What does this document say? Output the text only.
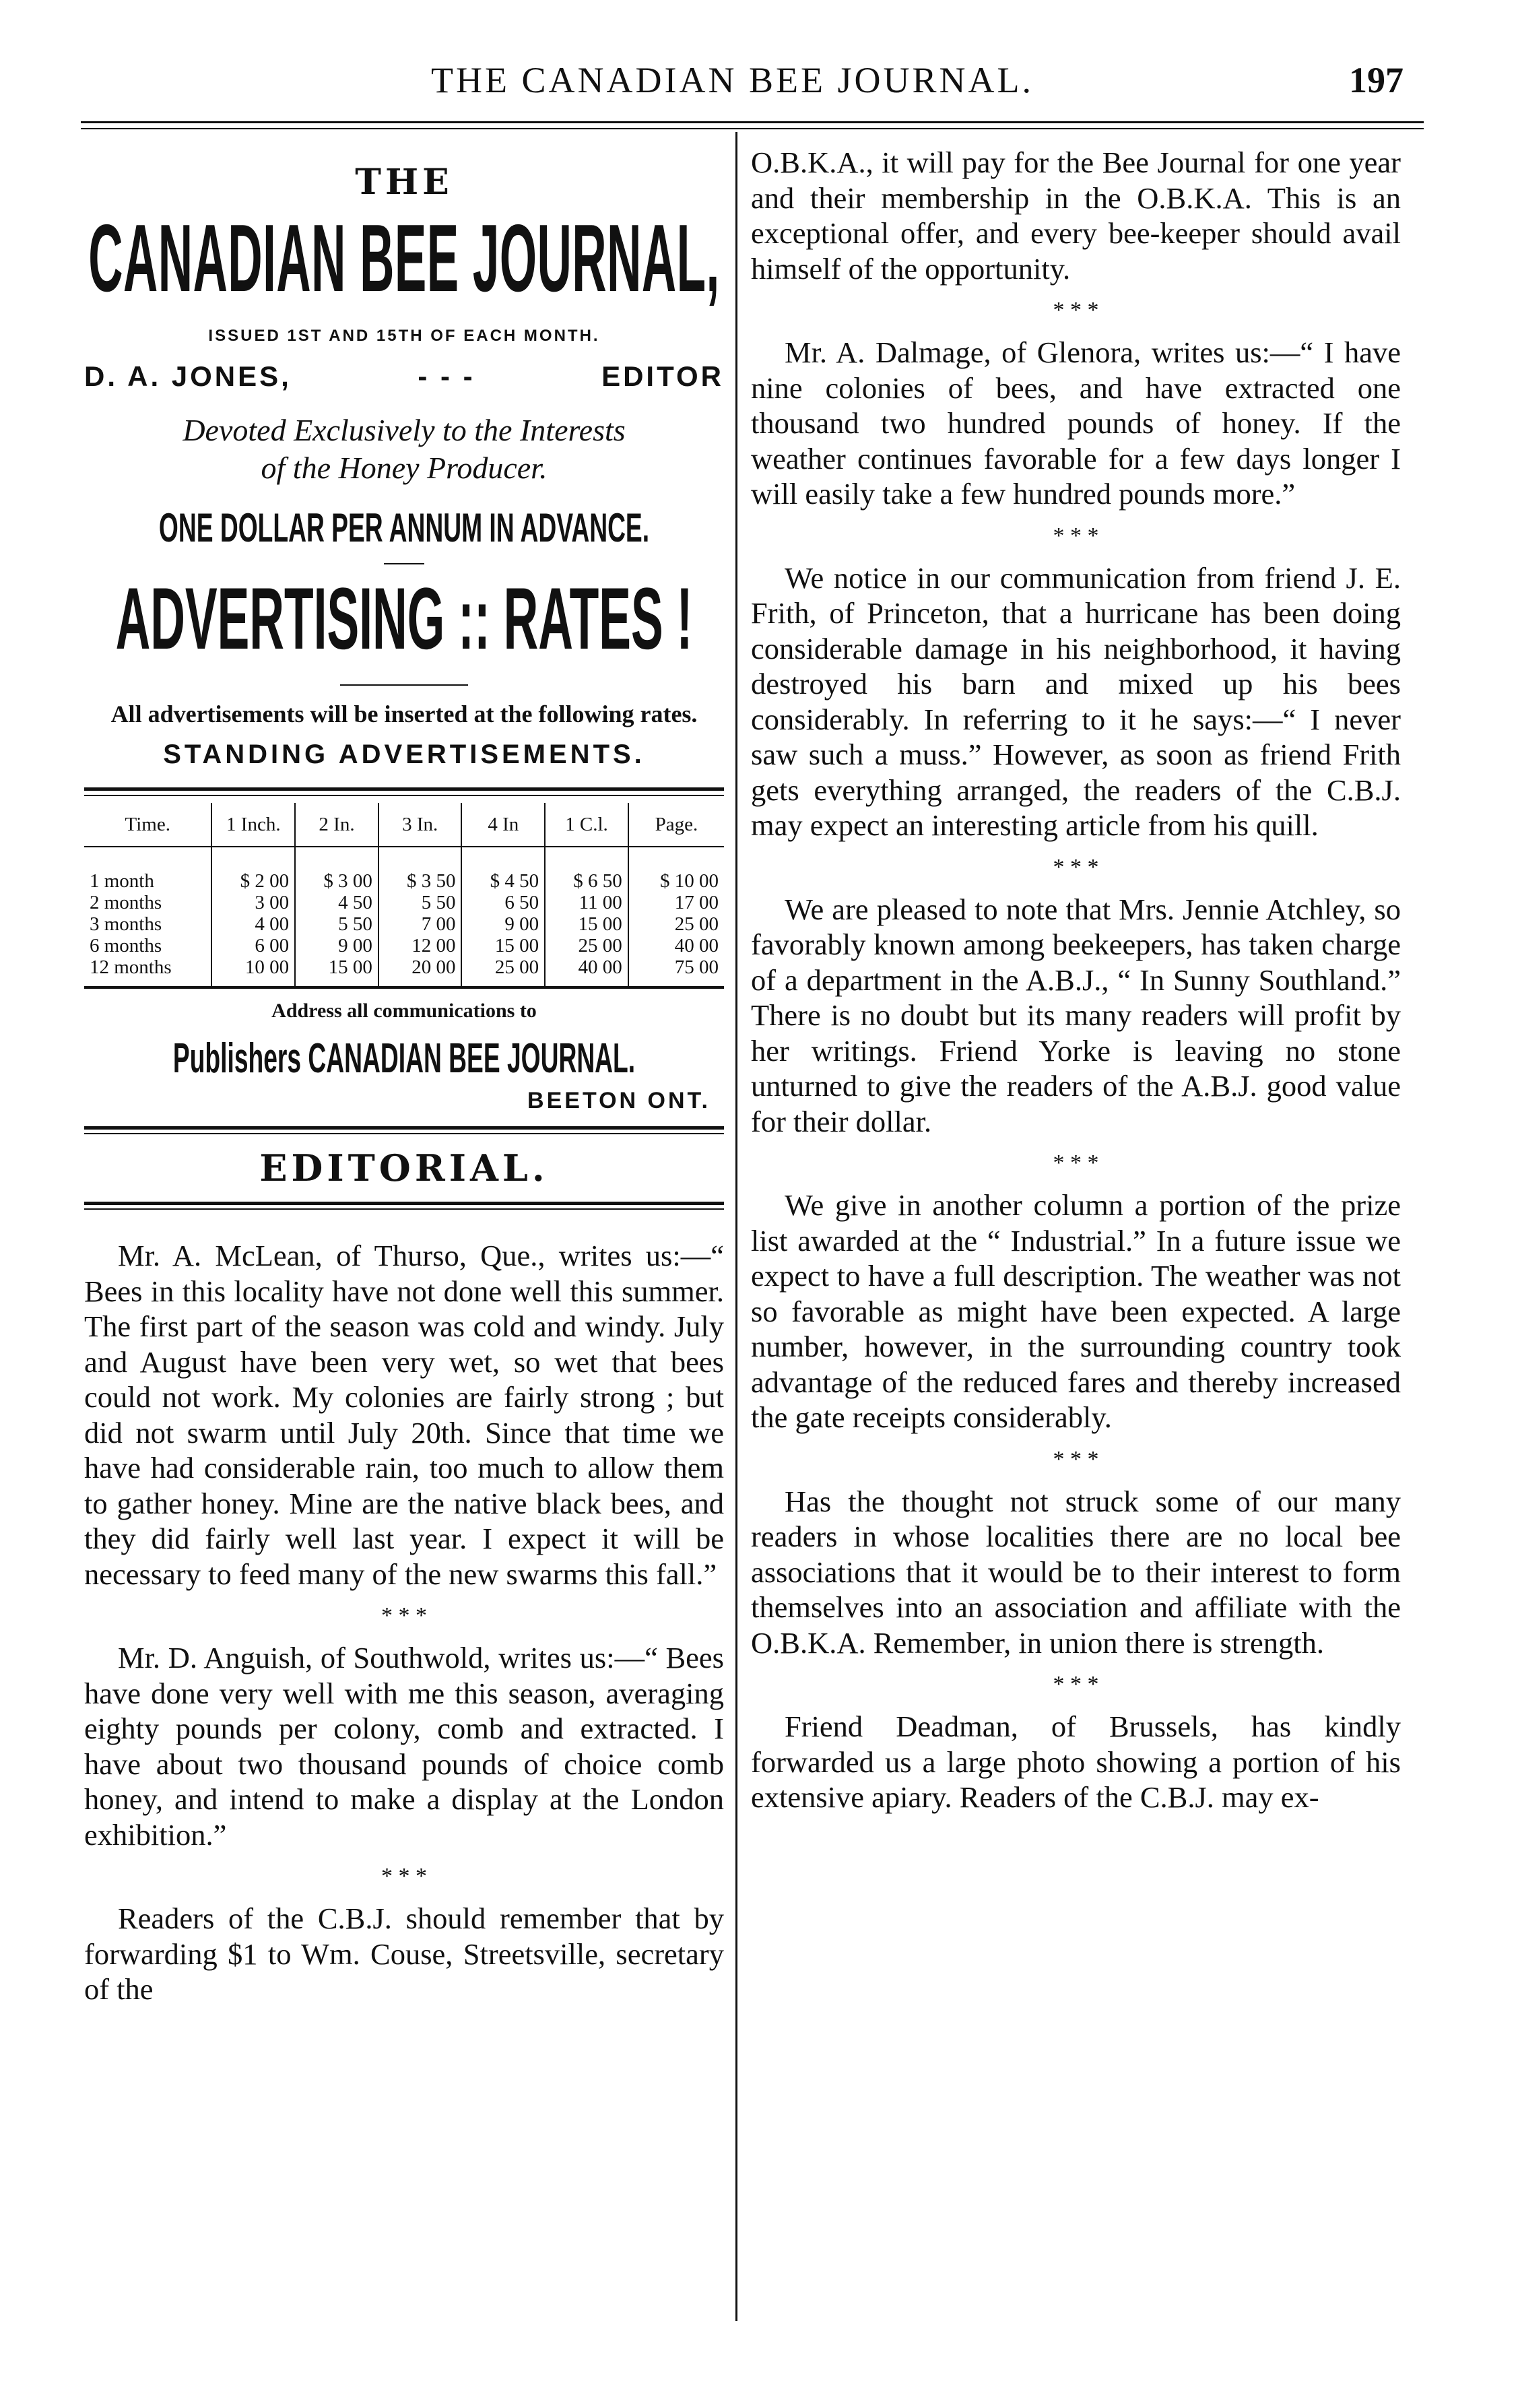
THE CANADIAN BEE JOURNAL.	197
THE
CANADIAN BEE JOURNAL,
ISSUED 1ST AND 15TH OF EACH MONTH.
D. A. JONES,	- - -	EDITOR
Devoted Exclusively to the Interests
of the Honey Producer.
ONE DOLLAR PER ANNUM IN ADVANCE.
ADVERTISING :: RATES !
All advertisements will be inserted at the following rates.
STANDING ADVERTISEMENTS.
Time.	1 Inch.	2 In.	3 In.	4 In	1 C.l.	Page.
1 month	$ 2 00	$ 3 00	$ 3 50	$ 4 50	$ 6 50	$ 10 00
2 months	3 00	4 50	5 50	6 50	11 00	17 00
3 months	4 00	5 50	7 00	9 00	15 00	25 00
6 months	6 00	9 00	12 00	15 00	25 00	40 00
12 months	10 00	15 00	20 00	25 00	40 00	75 00
Address all communications to
Publishers CANADIAN BEE JOURNAL.
BEETON ONT.
EDITORIAL.

Mr. A. McLean, of Thurso, Que., writes us:—“ Bees in this locality have not done well this summer. The first part of the season was cold and windy. July and August have been very wet, so wet that bees could not work. My colonies are fairly strong ; but did not swarm until July 20th. Since that time we have had considerable rain, too much to allow them to gather honey. Mine are the native black bees, and they did fairly well last year. I expect it will be necessary to feed many of the new swarms this fall.”

* * *

Mr. D. Anguish, of Southwold, writes us:—“ Bees have done very well with me this season, averaging eighty pounds per colony, comb and extracted. I have about two thousand pounds of choice comb honey, and intend to make a display at the London exhibition.”

* * *

Readers of the C.B.J. should remember that by forwarding $1 to Wm. Couse, Streetsville, secretary of the

O.B.K.A., it will pay for the Bee Journal for one year and their membership in the O.B.K.A. This is an exceptional offer, and every bee-keeper should avail himself of the opportunity.

* * *

Mr. A. Dalmage, of Glenora, writes us:—“ I have nine colonies of bees, and have extracted one thousand two hundred pounds of honey. If the weather continues favorable for a few days longer I will easily take a few hundred pounds more.”

* * *

We notice in our communication from friend J. E. Frith, of Princeton, that a hurricane has been doing considerable damage in his neighborhood, it having destroyed his barn and mixed up his bees considerably. In referring to it he says:—“ I never saw such a muss.” However, as soon as friend Frith gets everything arranged, the readers of the C.B.J. may expect an interesting article from his quill.

* * *

We are pleased to note that Mrs. Jennie Atchley, so favorably known among beekeepers, has taken charge of a department in the A.B.J., “ In Sunny Southland.” There is no doubt but its many readers will profit by her writings. Friend Yorke is leaving no stone unturned to give the readers of the A.B.J. good value for their dollar.

* * *

We give in another column a portion of the prize list awarded at the “ Industrial.” In a future issue we expect to have a full description. The weather was not so favorable as might have been expected. A large number, however, in the surrounding country took advantage of the reduced fares and thereby increased the gate receipts considerably.

* * *

Has the thought not struck some of our many readers in whose localities there are no local bee associations that it would be to their interest to form themselves into an association and affiliate with the O.B.K.A. Remember, in union there is strength.

* * *

Friend Deadman, of Brussels, has kindly forwarded us a large photo showing a portion of his extensive apiary. Readers of the C.B.J. may ex-
